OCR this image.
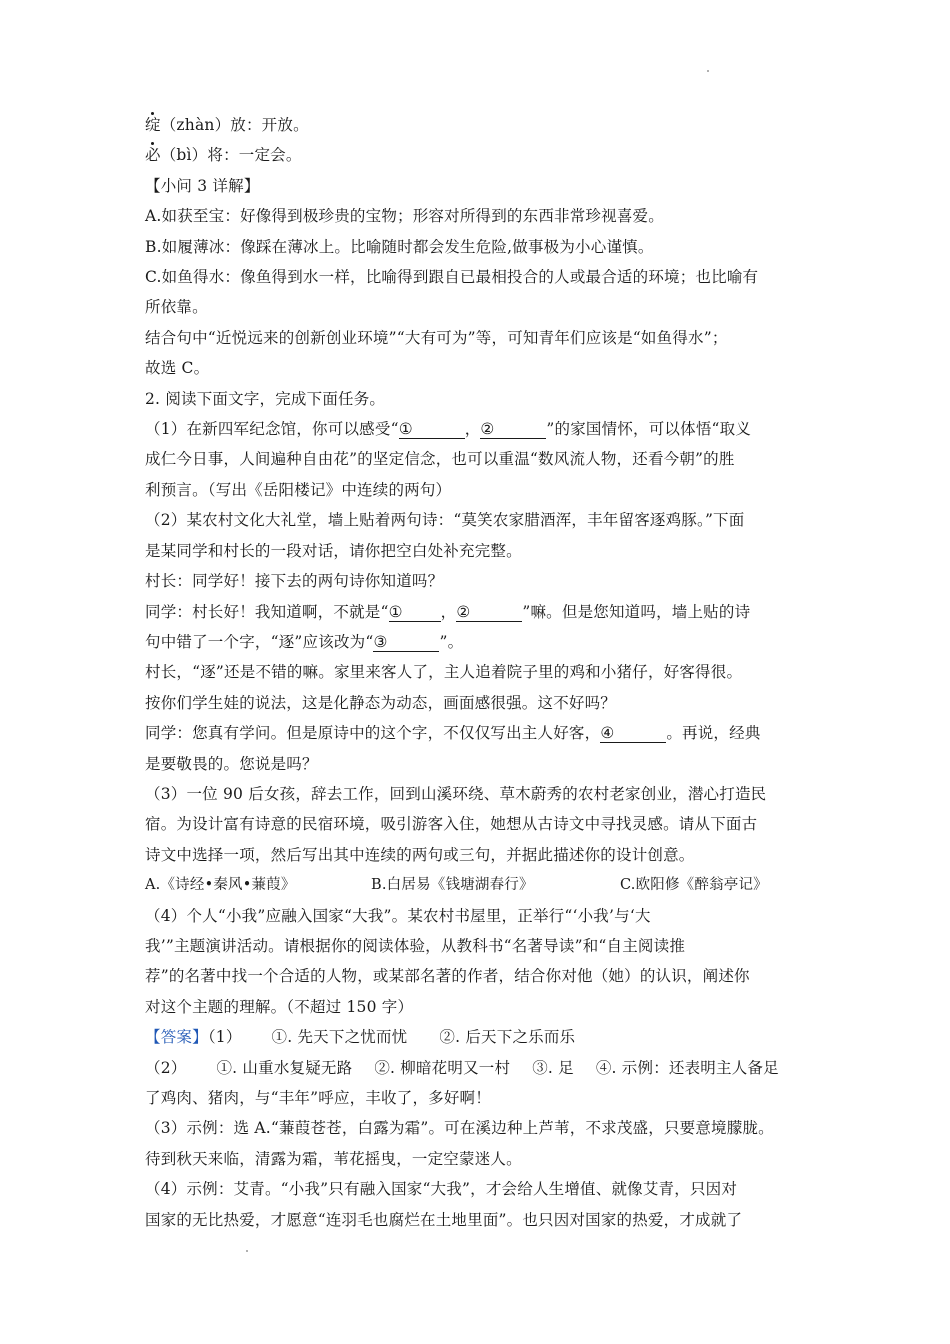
绽（zhàn）放：开放。
必（bì）将：一定会。
【小问 3 详解】
A.如获至宝：好像得到极珍贵的宝物；形容对所得到的东西非常珍视喜爱。
B.如履薄冰：像踩在薄冰上。比喻随时都会发生危险,做事极为小心谨慎。
C.如鱼得水：像鱼得到水一样，比喻得到跟自已最相投合的人或最合适的环境；也比喻有
所依靠。
结合句中“近悦远来的创新创业环境”“大有可为”等，可知青年们应该是“如鱼得水”；
故选 C。
2. 阅读下面文字，完成下面任务。
（1）在新四军纪念馆，你可以感受“①	，②	”的家国情怀，可以体悟“取义
成仁今日事，人间遍种自由花”的坚定信念，也可以重温“数风流人物，还看今朝”的胜
利预言。（写出《岳阳楼记》中连续的两句）
（2）某农村文化大礼堂，墙上贴着两句诗：“莫笑农家腊酒浑，丰年留客逐鸡豚。”下面
是某同学和村长的一段对话，请你把空白处补充完整。
村长：同学好！接下去的两句诗你知道吗？
同学：村长好！我知道啊，不就是“① ，②	”嘛。但是您知道吗，墙上贴的诗
句中错了一个字，“逐”应该改为“③	”。
村长，“逐”还是不错的嘛。家里来客人了，主人追着院子里的鸡和小猪仔，好客得很。
按你们学生娃的说法，这是化静态为动态，画面感很强。这不好吗？
同学：您真有学问。但是原诗中的这个字，不仅仅写出主人好客，④	。再说，经典
是要敬畏的。您说是吗？
（3）一位 90 后女孩，辞去工作，回到山溪环绕、草木蔚秀的农村老家创业，潜心打造民
宿。为设计富有诗意的民宿环境，吸引游客入住，她想从古诗文中寻找灵感。请从下面古
诗文中选择一项，然后写出其中连续的两句或三句，并据此描述你的设计创意。
A.《诗经•秦风•蒹葭》	B.白居易《钱塘湖春行》	C.欧阳修《醉翁亭记》
（4）个人“小我”应融入国家“大我”。某农村书屋里，正举行“‘小我’与‘大
我’”主题演讲活动。请根据你的阅读体验，从教科书“名著导读”和“自主阅读推
荐”的名著中找一个合适的人物，或某部名著的作者，结合你对他（她）的认识，阐述你
对这个主题的理解。（不超过 150 字）
【答案】（1） ①. 先天下之忧而忧 ②. 后天下之乐而乐
（2） ①. 山重水复疑无路 ②. 柳暗花明又一村 ③. 足 ④. 示例：还表明主人备足
了鸡肉、猪肉，与“丰年”呼应，丰收了，多好啊！
（3）示例：选 A.“蒹葭苍苍，白露为霜”。可在溪边种上芦苇，不求茂盛，只要意境朦胧。
待到秋天来临，清露为霜，苇花摇曳，一定空蒙迷人。
（4）示例：艾青。“小我”只有融入国家“大我”，才会给人生增值、就像艾青，只因对
国家的无比热爱，才愿意“连羽毛也腐烂在土地里面”。也只因对国家的热爱，才成就了
